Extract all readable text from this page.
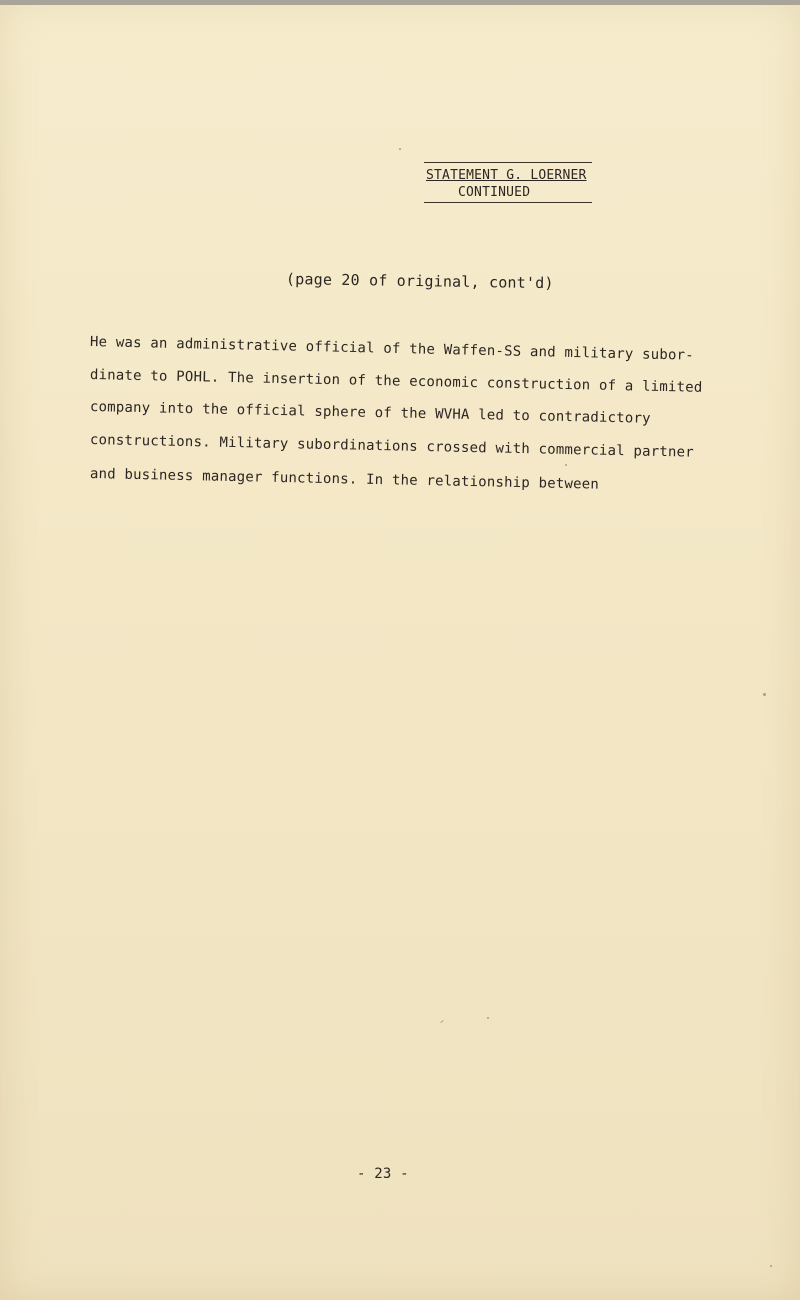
STATEMENT G. LOERNER
CONTINUED
(page 20 of original, cont'd)
He was an administrative official of the Waffen-SS and military subor-
dinate to POHL. The insertion of the economic construction of a limited
company into the official sphere of the WVHA led to contradictory
constructions. Military subordinations crossed with commercial partner
and business manager functions. In the relationship between
- 23 -
